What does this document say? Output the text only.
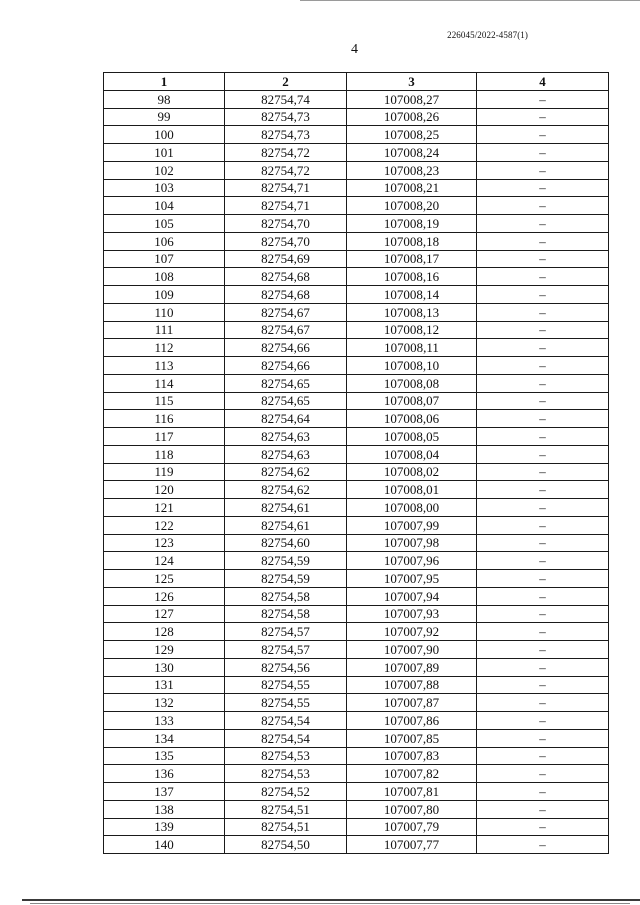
226045/2022-4587(1)
4
1	2	3	4
98	82754,74	107008,27	–
99	82754,73	107008,26	–
100	82754,73	107008,25	–
101	82754,72	107008,24	–
102	82754,72	107008,23	–
103	82754,71	107008,21	–
104	82754,71	107008,20	–
105	82754,70	107008,19	–
106	82754,70	107008,18	–
107	82754,69	107008,17	–
108	82754,68	107008,16	–
109	82754,68	107008,14	–
110	82754,67	107008,13	–
111	82754,67	107008,12	–
112	82754,66	107008,11	–
113	82754,66	107008,10	–
114	82754,65	107008,08	–
115	82754,65	107008,07	–
116	82754,64	107008,06	–
117	82754,63	107008,05	–
118	82754,63	107008,04	–
119	82754,62	107008,02	–
120	82754,62	107008,01	–
121	82754,61	107008,00	–
122	82754,61	107007,99	–
123	82754,60	107007,98	–
124	82754,59	107007,96	–
125	82754,59	107007,95	–
126	82754,58	107007,94	–
127	82754,58	107007,93	–
128	82754,57	107007,92	–
129	82754,57	107007,90	–
130	82754,56	107007,89	–
131	82754,55	107007,88	–
132	82754,55	107007,87	–
133	82754,54	107007,86	–
134	82754,54	107007,85	–
135	82754,53	107007,83	–
136	82754,53	107007,82	–
137	82754,52	107007,81	–
138	82754,51	107007,80	–
139	82754,51	107007,79	–
140	82754,50	107007,77	–
